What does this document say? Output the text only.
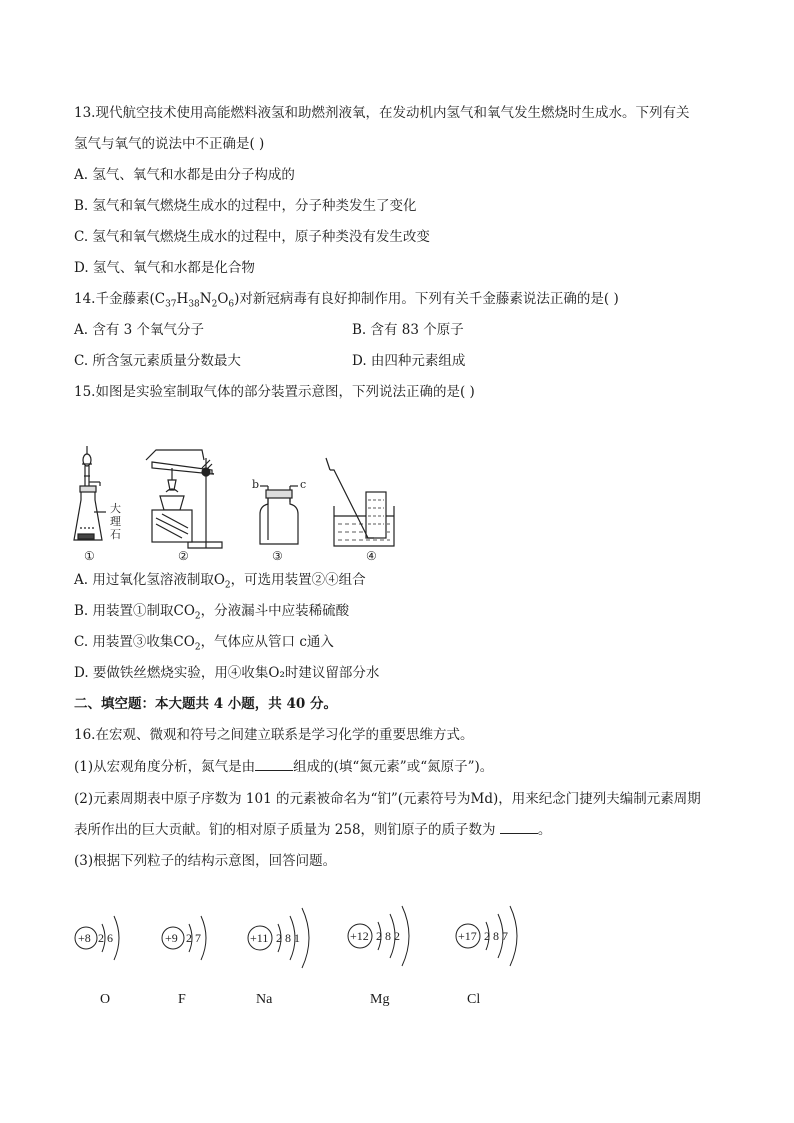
13.现代航空技术使用高能燃料液氢和助燃剂液氧，在发动机内氢气和氧气发生燃烧时生成水。下列有关
氢气与氧气的说法中不正确是( )
A. 氢气、氧气和水都是由分子构成的
B. 氢气和氧气燃烧生成水的过程中，分子种类发生了变化
C. 氢气和氧气燃烧生成水的过程中，原子种类没有发生改变
D. 氢气、氧气和水都是化合物
14.千金藤素$(C_{37}H_{38}N_2O_6)$对新冠病毒有良好抑制作用。下列有关千金藤素说法正确的是( )
A. 含有 3 个氧气分子	B. 含有 83 个原子
C. 所含氢元素质量分数最大	D. 由四种元素组成
15.如图是实验室制取气体的部分装置示意图，下列说法正确的是( )
大
理
石
b	c
①	②	③	④
A. 用过氧化氢溶液制取$O_2$，可选用装置②④组合
B. 用装置①制取$CO_2$，分液漏斗中应装稀硫酸
C. 用装置③收集$CO_2$，气体应从管口 c通入
D. 要做铁丝燃烧实验，用④收集O₂时建议留部分水
二、填空题：本大题共 4 小题，共 40 分。
16.在宏观、微观和符号之间建立联系是学习化学的重要思维方式。
(1)从宏观角度分析，氮气是由	组成的(填“氮元素”或“氮原子”)。
(2)元素周期表中原子序数为 101 的元素被命名为“钔”(元素符号为Md)，用来纪念门捷列夫编制元素周期
表所作出的巨大贡献。钔的相对原子质量为 258，则钔原子的质子数为	。
(3)根据下列粒子的结构示意图，回答问题。
+8 2 6	+9 2 7	+11 2 8 1	+12 2 8 2	+17 2 8 7
O	F	Na	Mg	Cl
